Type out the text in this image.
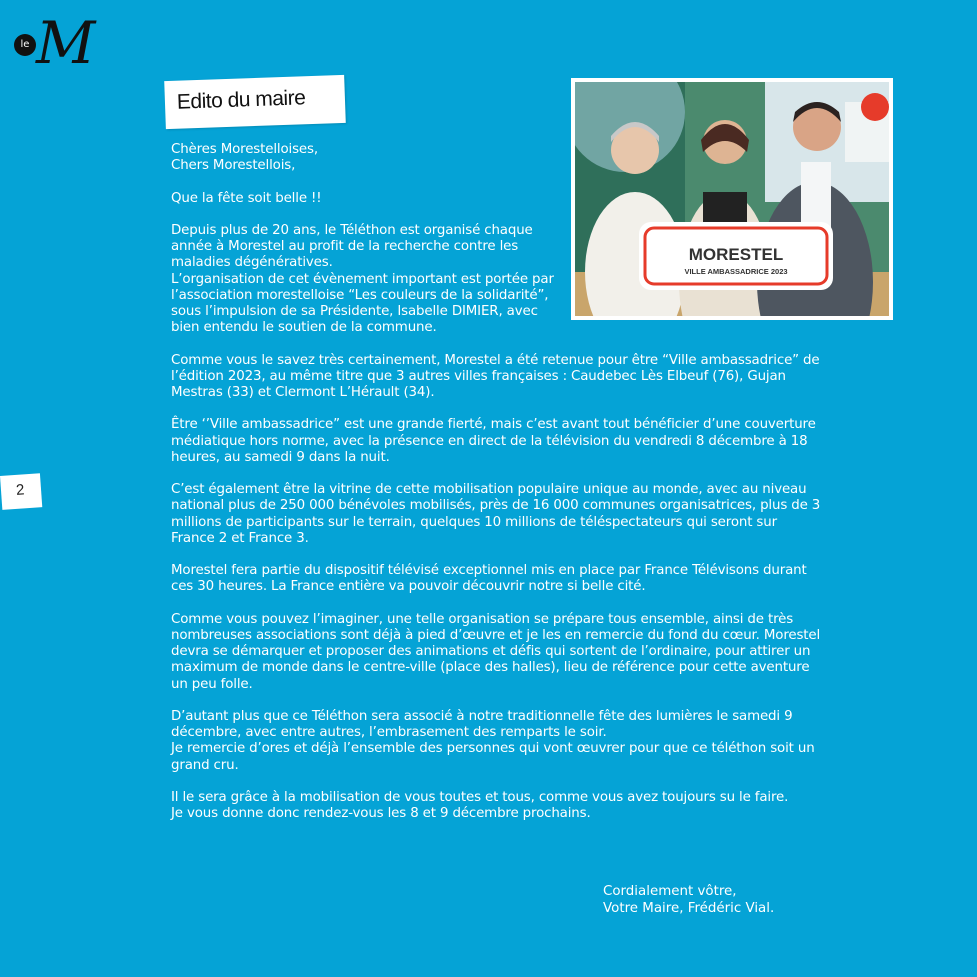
le M
Edito du maire
2
MORESTEL
VILLE AMBASSADRICE 2023

Chères Morestelloises,
Chers Morestellois,

Que la fête soit belle !!

Depuis plus de 20 ans, le Téléthon est organisé chaque année à Morestel au profit de la recherche contre les maladies dégénératives.
L’organisation de cet évènement important est portée par l’association morestelloise “Les couleurs de la solidarité”, sous l’impulsion de sa Présidente, Isabelle DIMIER, avec bien entendu le soutien de la commune.

Comme vous le savez très certainement, Morestel a été retenue pour être “Ville ambassadrice” de l’édition 2023, au même titre que 3 autres villes françaises : Caudebec Lès Elbeuf (76), Gujan Mestras (33) et Clermont L’Hérault (34).

Être ‘’Ville ambassadrice” est une grande fierté, mais c’est avant tout bénéficier d’une couverture médiatique hors norme, avec la présence en direct de la télévision du vendredi 8 décembre à 18 heures, au samedi 9 dans la nuit.

C’est également être la vitrine de cette mobilisation populaire unique au monde, avec au niveau national plus de 250 000 bénévoles mobilisés, près de 16 000 communes organisatrices, plus de 3 millions de participants sur le terrain, quelques 10 millions de téléspectateurs qui seront sur France 2 et France 3.

Morestel fera partie du dispositif télévisé exceptionnel mis en place par France Télévisons durant ces 30 heures. La France entière va pouvoir découvrir notre si belle cité.

Comme vous pouvez l’imaginer, une telle organisation se prépare tous ensemble, ainsi de très nombreuses associations sont déjà à pied d’œuvre et je les en remercie du fond du cœur. Morestel devra se démarquer et proposer des animations et défis qui sortent de l’ordinaire, pour attirer un maximum de monde dans le centre-ville (place des halles), lieu de référence pour cette aventure un peu folle.

D’autant plus que ce Téléthon sera associé à notre traditionnelle fête des lumières le samedi 9 décembre, avec entre autres, l’embrasement des remparts le soir.
Je remercie d’ores et déjà l’ensemble des personnes qui vont œuvrer pour que ce téléthon soit un grand cru.

Il le sera grâce à la mobilisation de vous toutes et tous, comme vous avez toujours su le faire.
Je vous donne donc rendez-vous les 8 et 9 décembre prochains.

Cordialement vôtre,
Votre Maire, Frédéric Vial.
